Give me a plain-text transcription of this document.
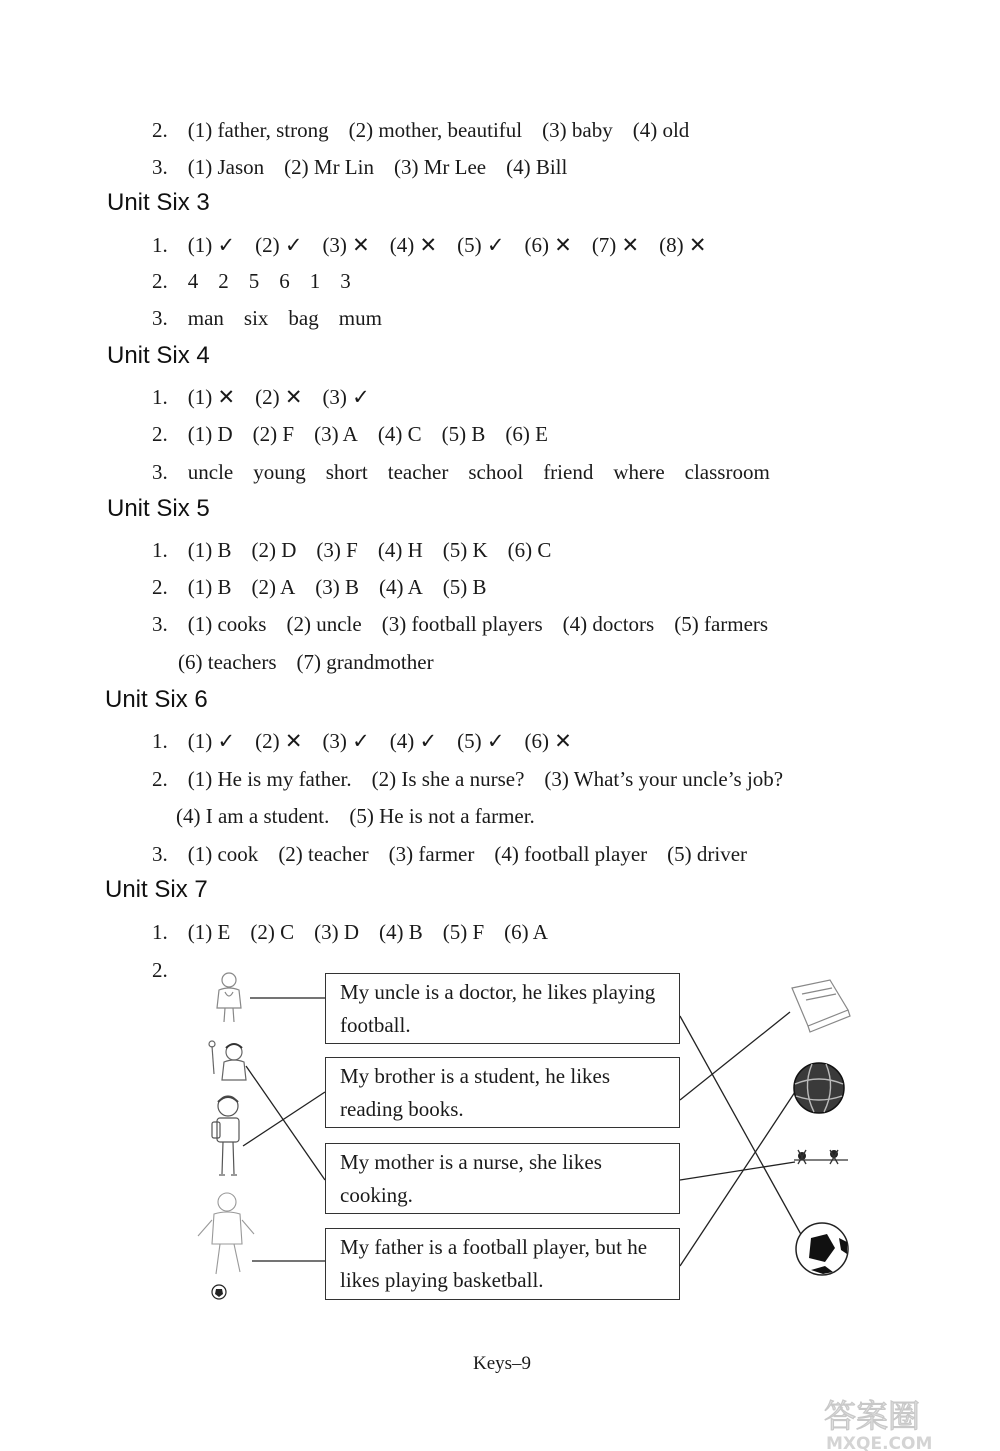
2. (1) father, strong (2) mother, beautiful (3) baby (4) old
3. (1) Jason (2) Mr Lin (3) Mr Lee (4) Bill
Unit Six 3
1. (1) ✓ (2) ✓ (3) ✕ (4) ✕ (5) ✓ (6) ✕ (7) ✕ (8) ✕
2. 4 2 5 6 1 3
3. man six bag mum
Unit Six 4
1. (1) ✕ (2) ✕ (3) ✓
2. (1) D (2) F (3) A (4) C (5) B (6) E
3. uncle young short teacher school friend where classroom
Unit Six 5
1. (1) B (2) D (3) F (4) H (5) K (6) C
2. (1) B (2) A (3) B (4) A (5) B
3. (1) cooks (2) uncle (3) football players (4) doctors (5) farmers
(6) teachers (7) grandmother
Unit Six 6
1. (1) ✓ (2) ✕ (3) ✓ (4) ✓ (5) ✓ (6) ✕
2. (1) He is my father. (2) Is she a nurse? (3) What’s your uncle’s job?
(4) I am a student. (5) He is not a farmer.
3. (1) cook (2) teacher (3) farmer (4) football player (5) driver
Unit Six 7
1. (1) E (2) C (3) D (4) B (5) F (6) A
2.
My uncle is a doctor, he likes playing football.
My brother is a student, he likes reading books.
My mother is a nurse, she likes cooking.
My father is a football player, but he likes playing basketball.
Keys–9
答案圈
MXQE.COM
